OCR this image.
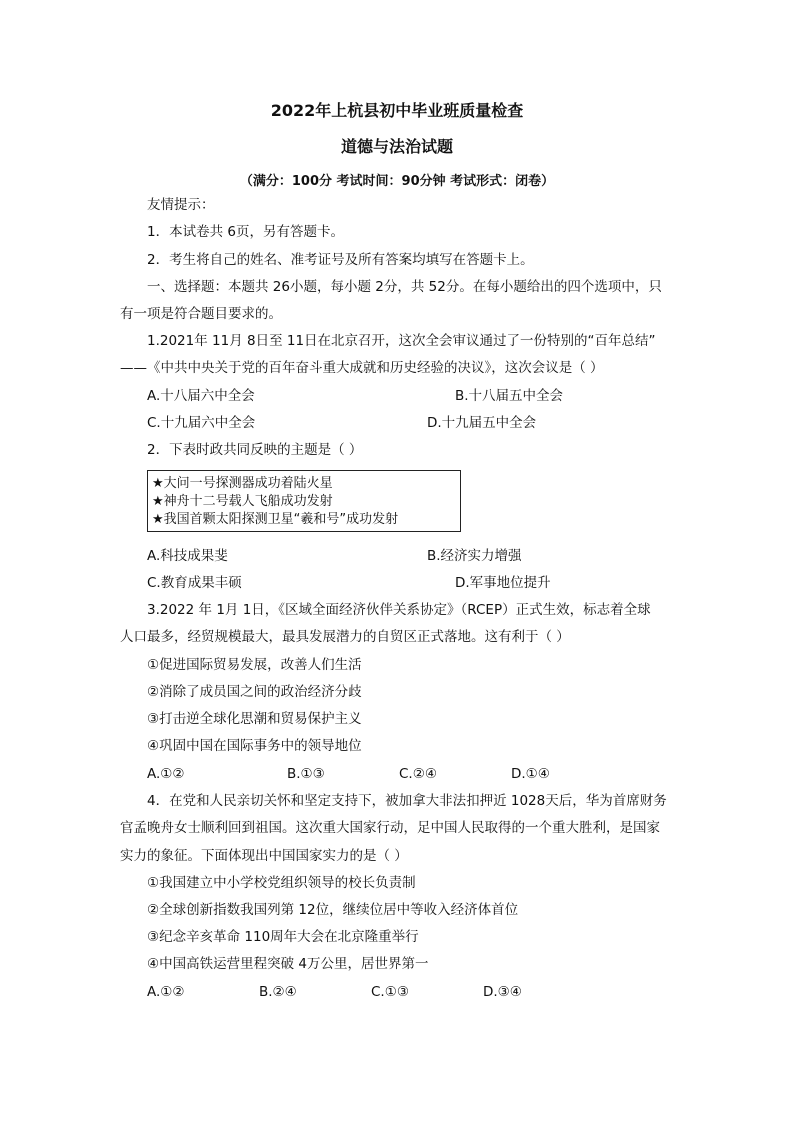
2022年上杭县初中毕业班质量检查
道德与法治试题
（满分：100分 考试时间：90分钟 考试形式：闭卷）
友情提示：
1．本试卷共 6页，另有答题卡。
2．考生将自己的姓名、准考证号及所有答案均填写在答题卡上。
一、选择题：本题共 26小题，每小题 2分，共 52分。在每小题给出的四个选项中，只
有一项是符合题目要求的。
1.2021年 11月 8日至 11日在北京召开，这次全会审议通过了一份特别的“百年总结”
——《中共中央关于党的百年奋斗重大成就和历史经验的决议》，这次会议是（ ）
A.十八届六中全会	B.十八届五中全会
C.十九届六中全会	D.十九届五中全会
2．下表时政共同反映的主题是（ ）
★大问一号探测器成功着陆火星
★神舟十二号载人飞船成功发射
★我国首颗太阳探测卫星“羲和号”成功发射
A.科技成果斐	B.经济实力增强
C.教育成果丰硕	D.军事地位提升
3.2022 年 1月 1日，《区域全面经济伙伴关系协定》（RCEP）正式生效，标志着全球
人口最多，经贸规模最大，最具发展潜力的自贸区正式落地。这有利于（ ）
①促进国际贸易发展，改善人们生活
②消除了成员国之间的政治经济分歧
③打击逆全球化思潮和贸易保护主义
④巩固中国在国际事务中的领导地位
A.①②	B.①③	C.②④	D.①④
4．在党和人民亲切关怀和坚定支持下，被加拿大非法扣押近 1028天后，华为首席财务
官孟晚舟女士顺利回到祖国。这次重大国家行动，足中国人民取得的一个重大胜利，是国家
实力的象征。下面体现出中国国家实力的是（ ）
①我国建立中小学校党组织领导的校长负责制
②全球创新指数我国列第 12位，继续位居中等收入经济体首位
③纪念辛亥革命 110周年大会在北京隆重举行
④中国高铁运营里程突破 4万公里，居世界第一
A.①②	B.②④	C.①③	D.③④
